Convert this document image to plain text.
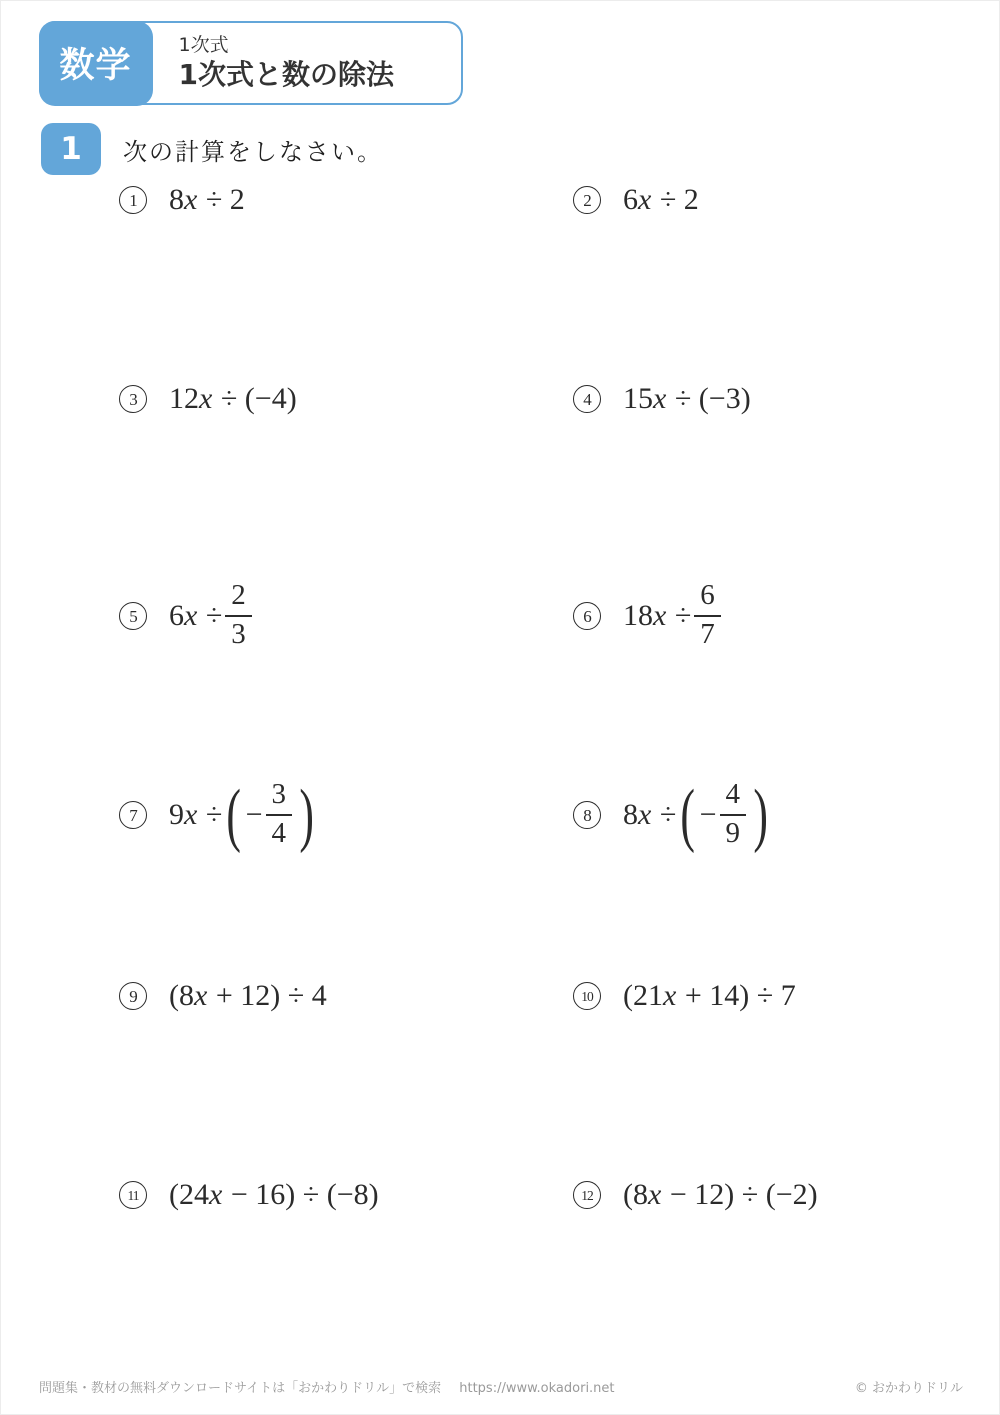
数学
1次式
1次式と数の除法
1 次の計算をしなさい。
1	8x ÷ 2	2	6x ÷ 2
3	12x ÷ (−4)	4	15x ÷ (−3)
5	$6x \div \frac{2}{3}$	6	$18x \div \frac{6}{7}$
7	9x ÷ ( − $\frac{3}{4}$ )	8	8x ÷ ( − $\frac{4}{9}$ )
9	(8x + 12) ÷ 4	10 (21x + 14) ÷ 7
11 (24x − 16) ÷ (−8)	12 (8x − 12) ÷ (−2)
問題集・教材の無料ダウンロードサイトは「おかわりドリル」で検索 https://www.okadori.net	© おかわりドリル
